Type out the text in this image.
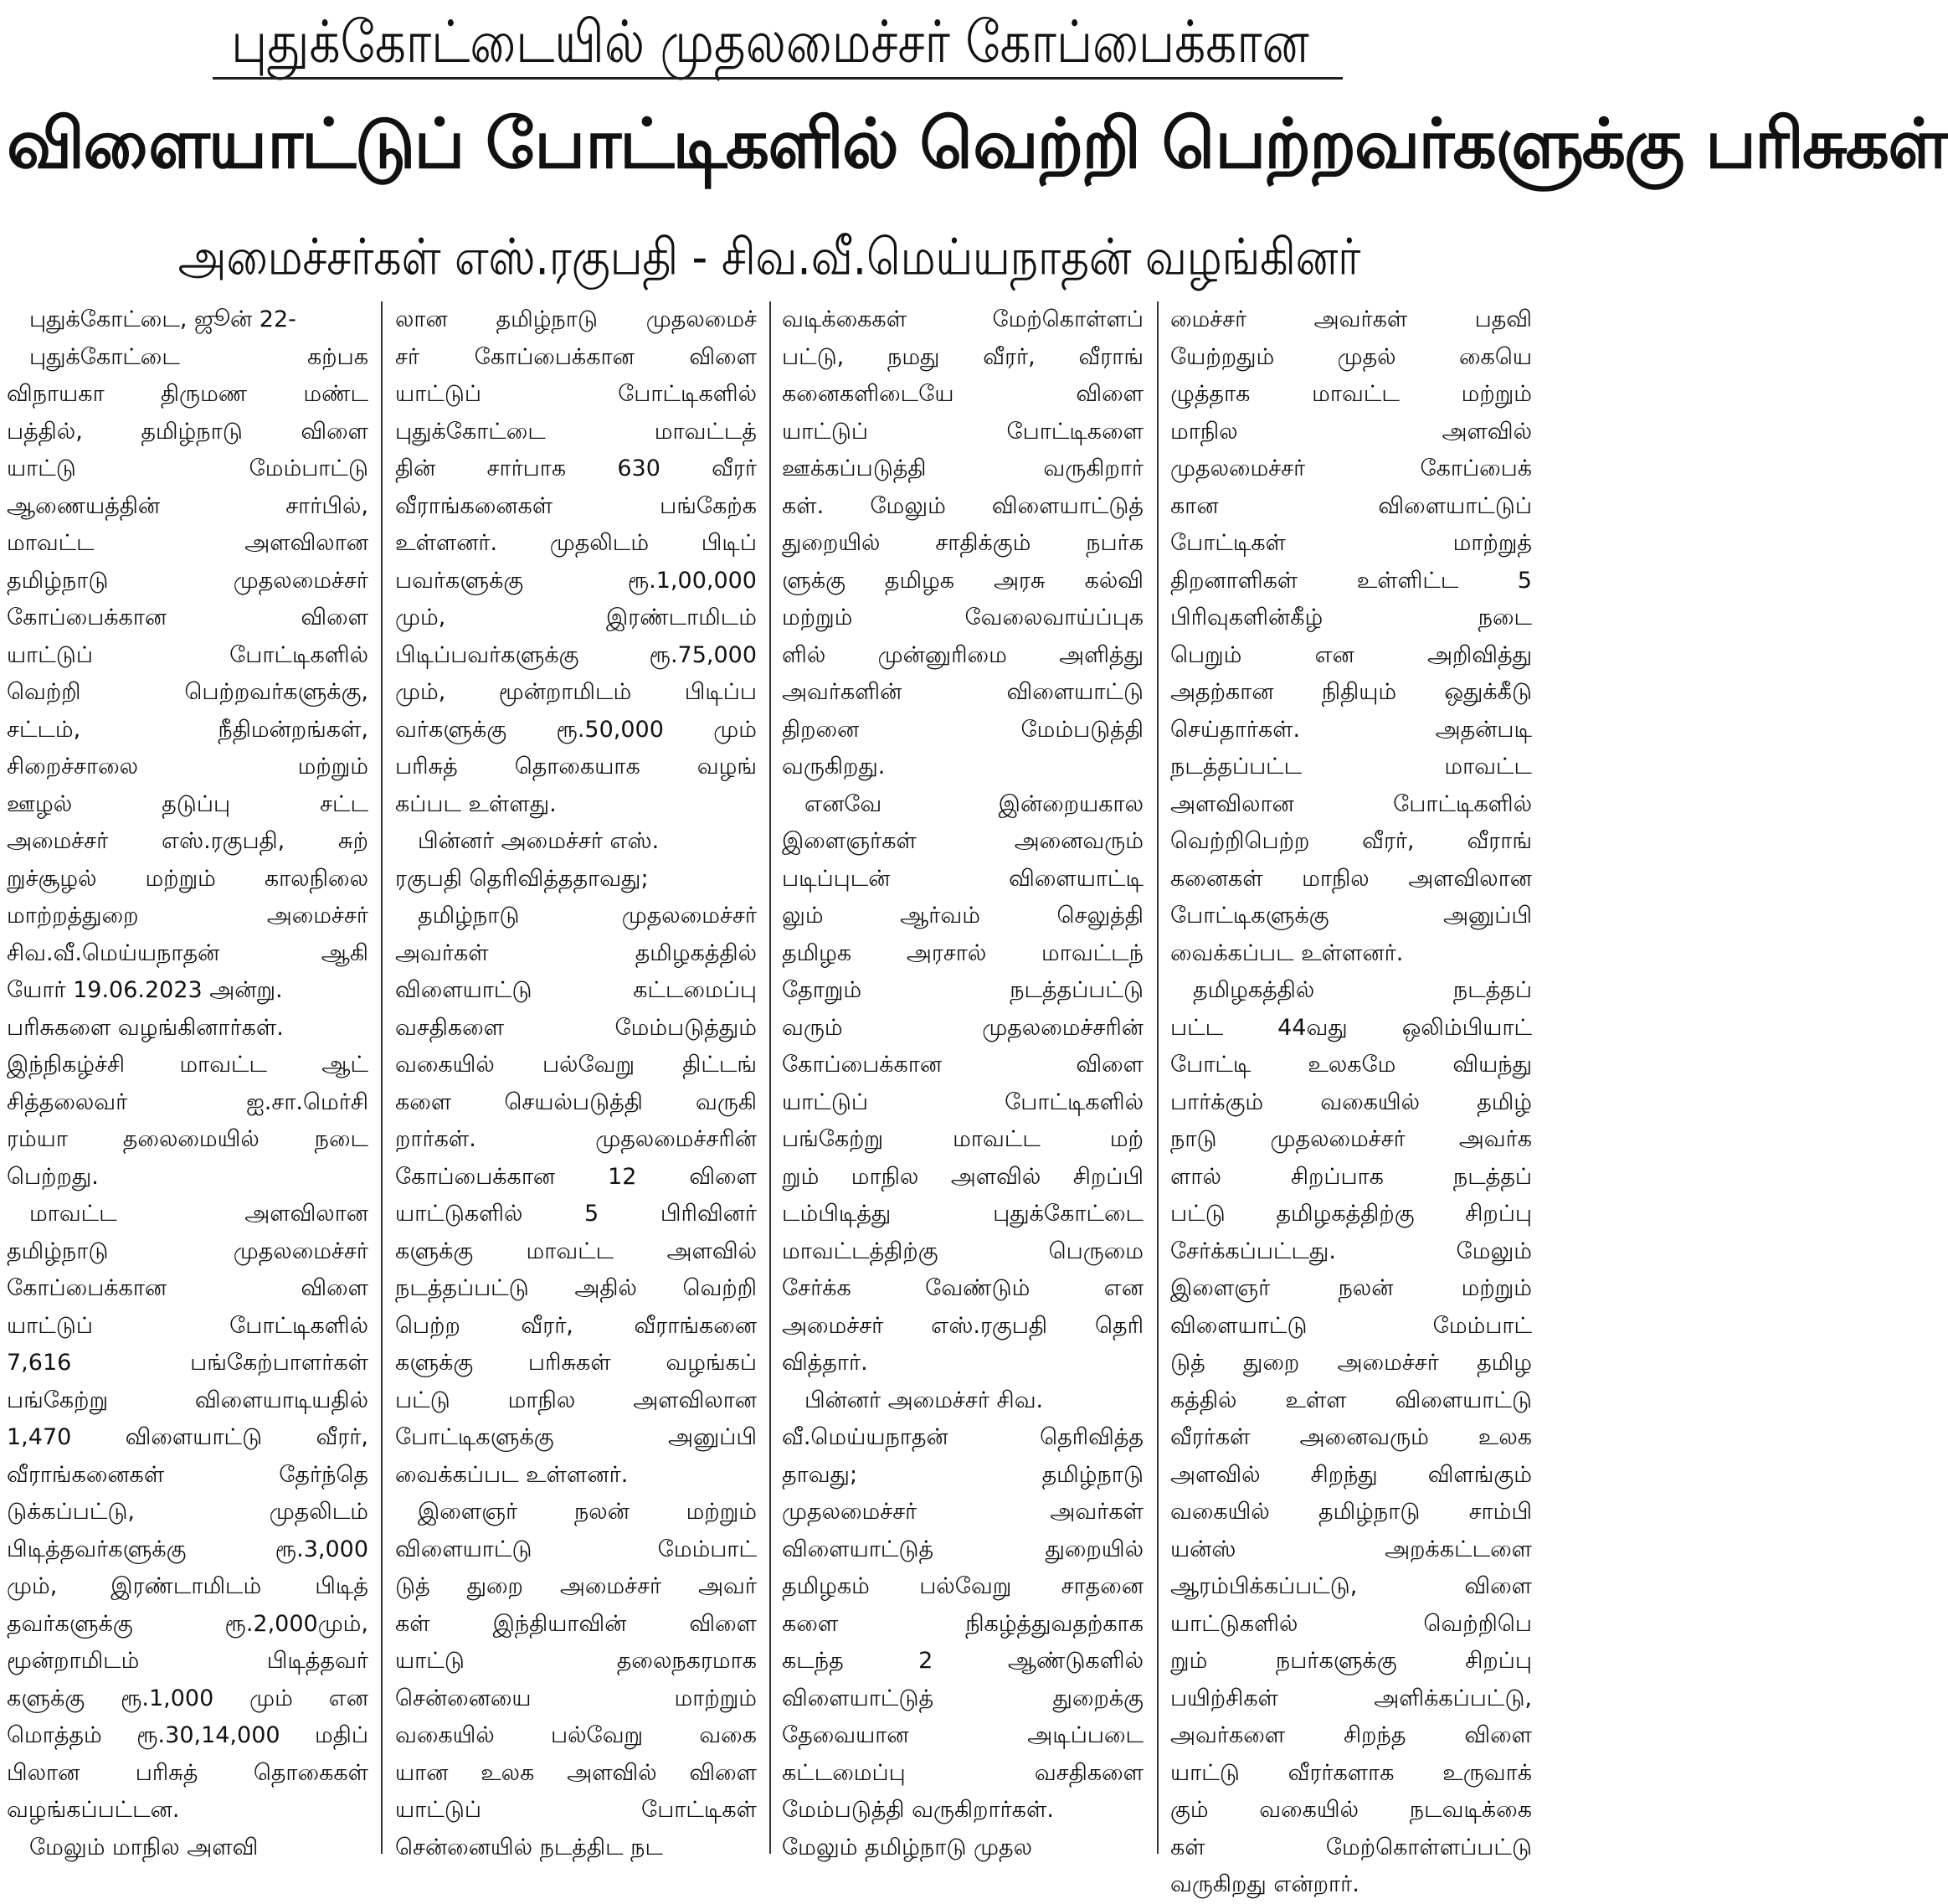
புதுக்கோட்டையில் முதலமைச்சர் கோப்பைக்கான
விளையாட்டுப் போட்டிகளில் வெற்றி பெற்றவர்களுக்கு பரிசுகள்
அமைச்சர்கள் எஸ்.ரகுபதி - சிவ.வீ.மெய்யநாதன் வழங்கினர்
 புதுக்கோட்டை, ஜூன் 22-
 புதுக்கோட்டை கற்பக
விநாயகா திருமண மண்ட
பத்தில், தமிழ்நாடு விளை
யாட்டு மேம்பாட்டு
ஆணையத்தின் சார்பில்,
மாவட்ட அளவிலான
தமிழ்நாடு முதலமைச்சர்
கோப்பைக்கான விளை
யாட்டுப் போட்டிகளில்
வெற்றி பெற்றவர்களுக்கு,
சட்டம், நீதிமன்றங்கள்,
சிறைச்சாலை மற்றும்
ஊழல் தடுப்பு சட்ட
அமைச்சர் எஸ்.ரகுபதி, சுற்
றுச்சூழல் மற்றும் காலநிலை
மாற்றத்துறை அமைச்சர்
சிவ.வீ.மெய்யநாதன் ஆகி
யோர் 19.06.2023 அன்று.
பரிசுகளை வழங்கினார்கள்.
இந்நிகழ்ச்சி மாவட்ட ஆட்
சித்தலைவர் ஐ.சா.மெர்சி
ரம்யா தலைமையில் நடை
பெற்றது.
 மாவட்ட அளவிலான
தமிழ்நாடு முதலமைச்சர்
கோப்பைக்கான விளை
யாட்டுப் போட்டிகளில்
7,616 பங்கேற்பாளர்கள்
பங்கேற்று விளையாடியதில்
1,470 விளையாட்டு வீரர்,
வீராங்கனைகள் தேர்ந்தெ
டுக்கப்பட்டு, முதலிடம்
பிடித்தவர்களுக்கு ரூ.3,000
மும், இரண்டாமிடம் பிடித்
தவர்களுக்கு ரூ.2,000மும்,
மூன்றாமிடம் பிடித்தவர்
களுக்கு ரூ.1,000 மும் என
மொத்தம் ரூ.30,14,000 மதிப்
பிலான பரிசுத் தொகைகள்
வழங்கப்பட்டன.
 மேலும் மாநில அளவி
லான தமிழ்நாடு முதலமைச்
சர் கோப்பைக்கான விளை
யாட்டுப் போட்டிகளில்
புதுக்கோட்டை மாவட்டத்
தின் சார்பாக 630 வீரர்
வீராங்கனைகள் பங்கேற்க
உள்ளனர். முதலிடம் பிடிப்
பவர்களுக்கு ரூ.1,00,000
மும், இரண்டாமிடம்
பிடிப்பவர்களுக்கு ரூ.75,000
மும், மூன்றாமிடம் பிடிப்ப
வர்களுக்கு ரூ.50,000 மும்
பரிசுத் தொகையாக வழங்
கப்பட உள்ளது.
 பின்னர் அமைச்சர் எஸ்.
ரகுபதி தெரிவித்ததாவது;
 தமிழ்நாடு முதலமைச்சர்
அவர்கள் தமிழகத்தில்
விளையாட்டு கட்டமைப்பு
வசதிகளை மேம்படுத்தும்
வகையில் பல்வேறு திட்டங்
களை செயல்படுத்தி வருகி
றார்கள். முதலமைச்சரின்
கோப்பைக்கான 12 விளை
யாட்டுகளில் 5 பிரிவினர்
களுக்கு மாவட்ட அளவில்
நடத்தப்பட்டு அதில் வெற்றி
பெற்ற வீரர், வீராங்கனை
களுக்கு பரிசுகள் வழங்கப்
பட்டு மாநில அளவிலான
போட்டிகளுக்கு அனுப்பி
வைக்கப்பட உள்ளனர்.
 இளைஞர் நலன் மற்றும்
விளையாட்டு மேம்பாட்
டுத் துறை அமைச்சர் அவர்
கள் இந்தியாவின் விளை
யாட்டு தலைநகரமாக
சென்னையை மாற்றும்
வகையில் பல்வேறு வகை
யான உலக அளவில் விளை
யாட்டுப் போட்டிகள்
சென்னையில் நடத்திட நட
வடிக்கைகள் மேற்கொள்ளப்
பட்டு, நமது வீரர், வீராங்
கனைகளிடையே விளை
யாட்டுப் போட்டிகளை
ஊக்கப்படுத்தி வருகிறார்
கள். மேலும் விளையாட்டுத்
துறையில் சாதிக்கும் நபர்க
ளுக்கு தமிழக அரசு கல்வி
மற்றும் வேலைவாய்ப்புக
ளில் முன்னுரிமை அளித்து
அவர்களின் விளையாட்டு
திறனை மேம்படுத்தி
வருகிறது.
 எனவே இன்றையகால
இளைஞர்கள் அனைவரும்
படிப்புடன் விளையாட்டி
லும் ஆர்வம் செலுத்தி
தமிழக அரசால் மாவட்டந்
தோறும் நடத்தப்பட்டு
வரும் முதலமைச்சரின்
கோப்பைக்கான விளை
யாட்டுப் போட்டிகளில்
பங்கேற்று மாவட்ட மற்
றும் மாநில அளவில் சிறப்பி
டம்பிடித்து புதுக்கோட்டை
மாவட்டத்திற்கு பெருமை
சேர்க்க வேண்டும் என
அமைச்சர் எஸ்.ரகுபதி தெரி
வித்தார்.
 பின்னர் அமைச்சர் சிவ.
வீ.மெய்யநாதன் தெரிவித்த
தாவது; தமிழ்நாடு
முதலமைச்சர் அவர்கள்
விளையாட்டுத் துறையில்
தமிழகம் பல்வேறு சாதனை
களை நிகழ்த்துவதற்காக
கடந்த 2 ஆண்டுகளில்
விளையாட்டுத் துறைக்கு
தேவையான அடிப்படை
கட்டமைப்பு வசதிகளை
மேம்படுத்தி வருகிறார்கள்.
மேலும் தமிழ்நாடு முதல
மைச்சர் அவர்கள் பதவி
யேற்றதும் முதல் கையெ
ழுத்தாக மாவட்ட மற்றும்
மாநில அளவில்
முதலமைச்சர் கோப்பைக்
கான விளையாட்டுப்
போட்டிகள் மாற்றுத்
திறனாளிகள் உள்ளிட்ட 5
பிரிவுகளின்கீழ் நடை
பெறும் என அறிவித்து
அதற்கான நிதியும் ஒதுக்கீடு
செய்தார்கள். அதன்படி
நடத்தப்பட்ட மாவட்ட
அளவிலான போட்டிகளில்
வெற்றிபெற்ற வீரர், வீராங்
கனைகள் மாநில அளவிலான
போட்டிகளுக்கு அனுப்பி
வைக்கப்பட உள்ளனர்.
 தமிழகத்தில் நடத்தப்
பட்ட 44வது ஒலிம்பியாட்
போட்டி உலகமே வியந்து
பார்க்கும் வகையில் தமிழ்
நாடு முதலமைச்சர் அவர்க
ளால் சிறப்பாக நடத்தப்
பட்டு தமிழகத்திற்கு சிறப்பு
சேர்க்கப்பட்டது. மேலும்
இளைஞர் நலன் மற்றும்
விளையாட்டு மேம்பாட்
டுத் துறை அமைச்சர் தமிழ
கத்தில் உள்ள விளையாட்டு
வீரர்கள் அனைவரும் உலக
அளவில் சிறந்து விளங்கும்
வகையில் தமிழ்நாடு சாம்பி
யன்ஸ் அறக்கட்டளை
ஆரம்பிக்கப்பட்டு, விளை
யாட்டுகளில் வெற்றிபெ
றும் நபர்களுக்கு சிறப்பு
பயிற்சிகள் அளிக்கப்பட்டு,
அவர்களை சிறந்த விளை
யாட்டு வீரர்களாக உருவாக்
கும் வகையில் நடவடிக்கை
கள் மேற்கொள்ளப்பட்டு
வருகிறது என்றார்.
